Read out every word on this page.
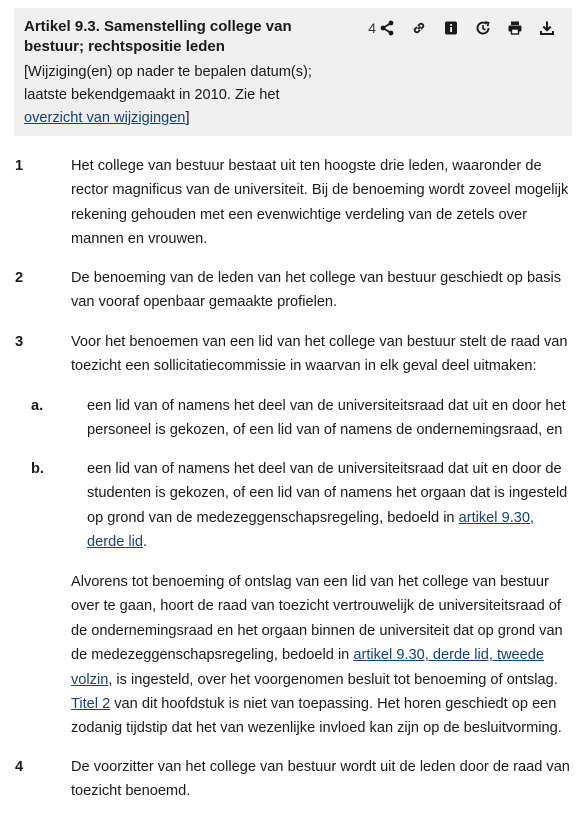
Artikel 9.3. Samenstelling college van bestuur; rechtspositie leden
[Wijziging(en) op nader te bepalen datum(s); laatste bekendgemaakt in 2010. Zie het overzicht van wijzigingen]
4
1	Het college van bestuur bestaat uit ten hoogste drie leden, waaronder de rector magnificus van de universiteit. Bij de benoeming wordt zoveel mogelijk rekening gehouden met een evenwichtige verdeling van de zetels over mannen en vrouwen.
2	De benoeming van de leden van het college van bestuur geschiedt op basis van vooraf openbaar gemaakte profielen.
3	Voor het benoemen van een lid van het college van bestuur stelt de raad van toezicht een sollicitatiecommissie in waarvan in elk geval deel uitmaken:
a.	een lid van of namens het deel van de universiteitsraad dat uit en door het personeel is gekozen, of een lid van of namens de ondernemingsraad, en
b.	een lid van of namens het deel van de universiteitsraad dat uit en door de studenten is gekozen, of een lid van of namens het orgaan dat is ingesteld op grond van de medezeggenschapsregeling, bedoeld in artikel 9.30, derde lid.
Alvorens tot benoeming of ontslag van een lid van het college van bestuur over te gaan, hoort de raad van toezicht vertrouwelijk de universiteitsraad of de ondernemingsraad en het orgaan binnen de universiteit dat op grond van de medezeggenschapsregeling, bedoeld in artikel 9.30, derde lid, tweede volzin, is ingesteld, over het voorgenomen besluit tot benoeming of ontslag. Titel 2 van dit hoofdstuk is niet van toepassing. Het horen geschiedt op een zodanig tijdstip dat het van wezenlijke invloed kan zijn op de besluitvorming.
4	De voorzitter van het college van bestuur wordt uit de leden door de raad van toezicht benoemd.
